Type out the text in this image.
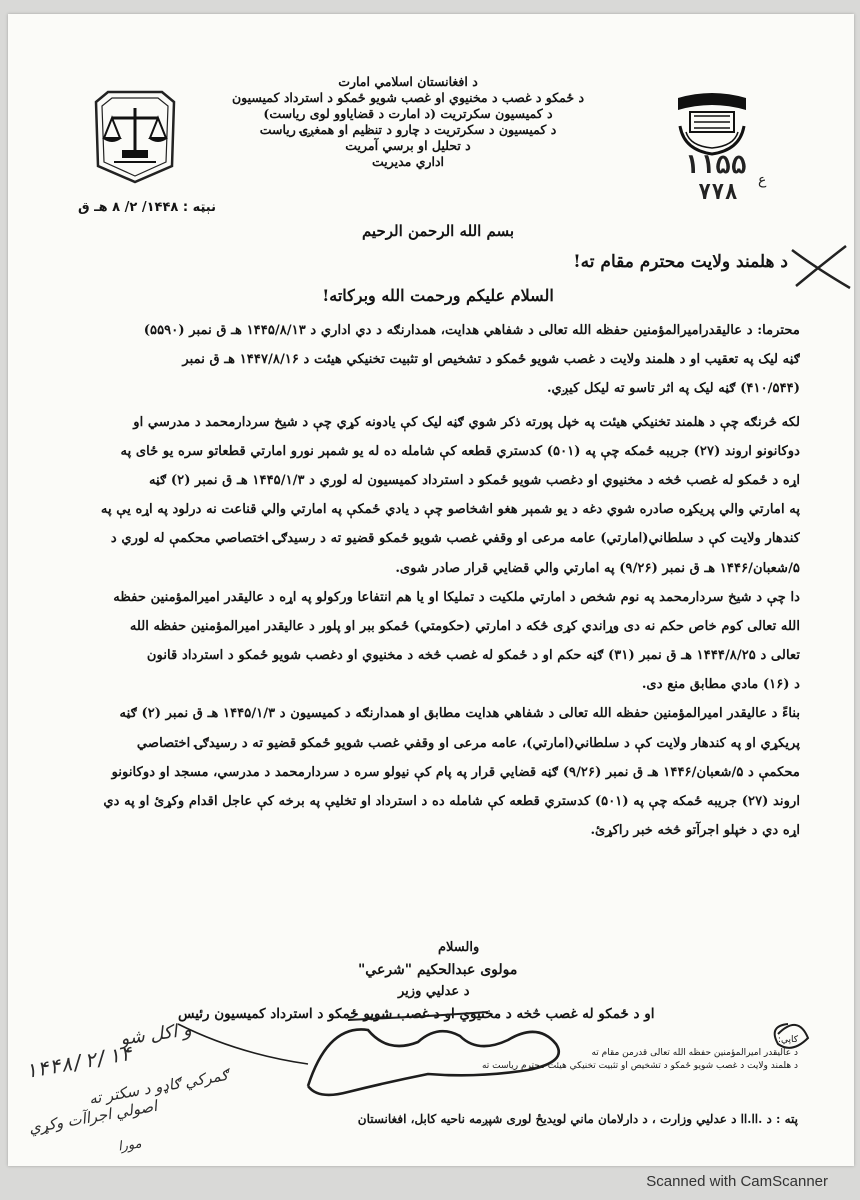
د افغانستان اسلامي امارت
د ځمکو د غصب د مخنيوي او غصب شويو ځمکو د استرداد کميسيون
د کميسيون سکرتريت (د امارت د قضاياوو لوی رياست)
د کميسيون د سکرتريت د چارو د تنظيم او همغږۍ رياست
د تحليل او برسي آمريت
اداري مديريت	۱۱۵۵ ع
۷۷۸
نېټه : ۱۴۴۸/ ۲/ ۸ هـ ق
بسم الله الرحمن الرحيم
د هلمند ولايت محترم مقام ته!
السلام عليکم ورحمت الله وبرکاته!
محترما: د عاليقدرامیرالمؤمنين حفظه الله تعالی د شفاهي هدايت، همدارنګه د دي اداري د ۱۴۴۵/۸/۱۳ هـ ق نمبر (۵۵۹۰)
ګڼه ليک په تعقيب او د هلمند ولايت د غصب شويو ځمکو د تشخيص او تثبيت تخنيکي هيئت د ۱۴۴۷/۸/۱۶ هـ ق نمبر
(۴۱۰/۵۴۴) ګڼه ليک په اثر تاسو ته ليکل کيږي.
لکه څرنګه چې د هلمند تخنيکي هيئت په خپل پورته ذکر شوي ګڼه ليک کې يادونه کړي چې د شيخ سردارمحمد د مدرسي او
دوکانونو اروند (۲۷) جريبه ځمکه چې په (۵۰۱) کدستري قطعه کې شامله ده له يو شمېر نورو امارتي قطعاتو سره يو ځای په
اړه د ځمکو له غصب څخه د مخنيوي او دغصب شويو ځمکو د استرداد کميسيون له لوري د ۱۴۴۵/۱/۳ هـ ق نمبر (۲) ګڼه
په امارتي والي پريکړه صادره شوي دغه د يو شمېر هغو اشخاصو چې د يادي ځمکې په امارتي والي قناعت نه درلود په اړه يې په
کندهار ولايت کې د سلطاني(امارتي) عامه مرعی او وقفي غصب شويو ځمکو قضيو ته د رسيدګۍ اختصاصي محکمې له لوري د
۵/شعبان/۱۴۴۶ هـ ق نمبر (۹/۲۶) په امارتي والي قضايي قرار صادر شوی.
دا چې د شيخ سردارمحمد په نوم شخص د امارتي ملکيت د تمليکا او يا هم انتفاعا ورکولو په اړه د عاليقدر اميرالمؤمنين حفظه
الله تعالی کوم خاص حکم نه دی وړاندي کړی څکه د امارتي (حکومتي) ځمکو ببر او پلور د عاليقدر اميرالمؤمنين حفظه الله
تعالی د ۱۴۴۴/۸/۲۵ هـ ق نمبر (۳۱) ګڼه حکم او د ځمکو له غصب څخه د مخنيوي او دغصب شويو ځمکو د استرداد قانون
د (۱۶) مادي مطابق منع دی.
بناءً د عاليقدر اميرالمؤمنين حفظه الله تعالی د شفاهي هدايت مطابق او همدارنګه د کميسيون د ۱۴۴۵/۱/۳ هـ ق نمبر (۲) ګڼه
پريکړي او په کندهار ولايت کې د سلطاني(امارتي)، عامه مرعی او وقفي غصب شويو ځمکو قضيو ته د رسيدګۍ اختصاصي
محکمې د ۵/شعبان/۱۴۴۶ هـ ق نمبر (۹/۲۶) ګڼه قضايي قرار په پام کې نيولو سره د سردارمحمد د مدرسي، مسجد او دوکانونو
اروند (۲۷) جريبه ځمکه چې په (۵۰۱) کدستري قطعه کې شامله ده د استرداد او تخليې په برخه کې عاجل اقدام وکړئ او په دي
اړه دي د خپلو اجرآتو څخه خبر راکړئ.
والسلام
مولوی عبدالحکيم "شرعي"
د عدليي وزير
او د ځمکو له غصب څخه د مخنيوي او د غصب شويو ځمکو د استرداد کميسيون رئيس
کاپي:
د عاليقدر اميرالمؤمنين حفظه الله تعالی قدرمن مقام ته
د هلمند ولايت د غصب شويو ځمکو د تشخيص او تثبيت تخنيکي هيئت محترم رياست ته
پته : د .اا.اا د عدليي وزارت ، د دارلامان ماني لويديځ لوری شپږمه ناحيه کابل، افغانستان
و اکل شو
۱۴۴۸/۲/۱۴
ګمرکي ګاډو د سکتر ته
اصولي اجراآت وکړي
مورا
Scanned with CamScanner
